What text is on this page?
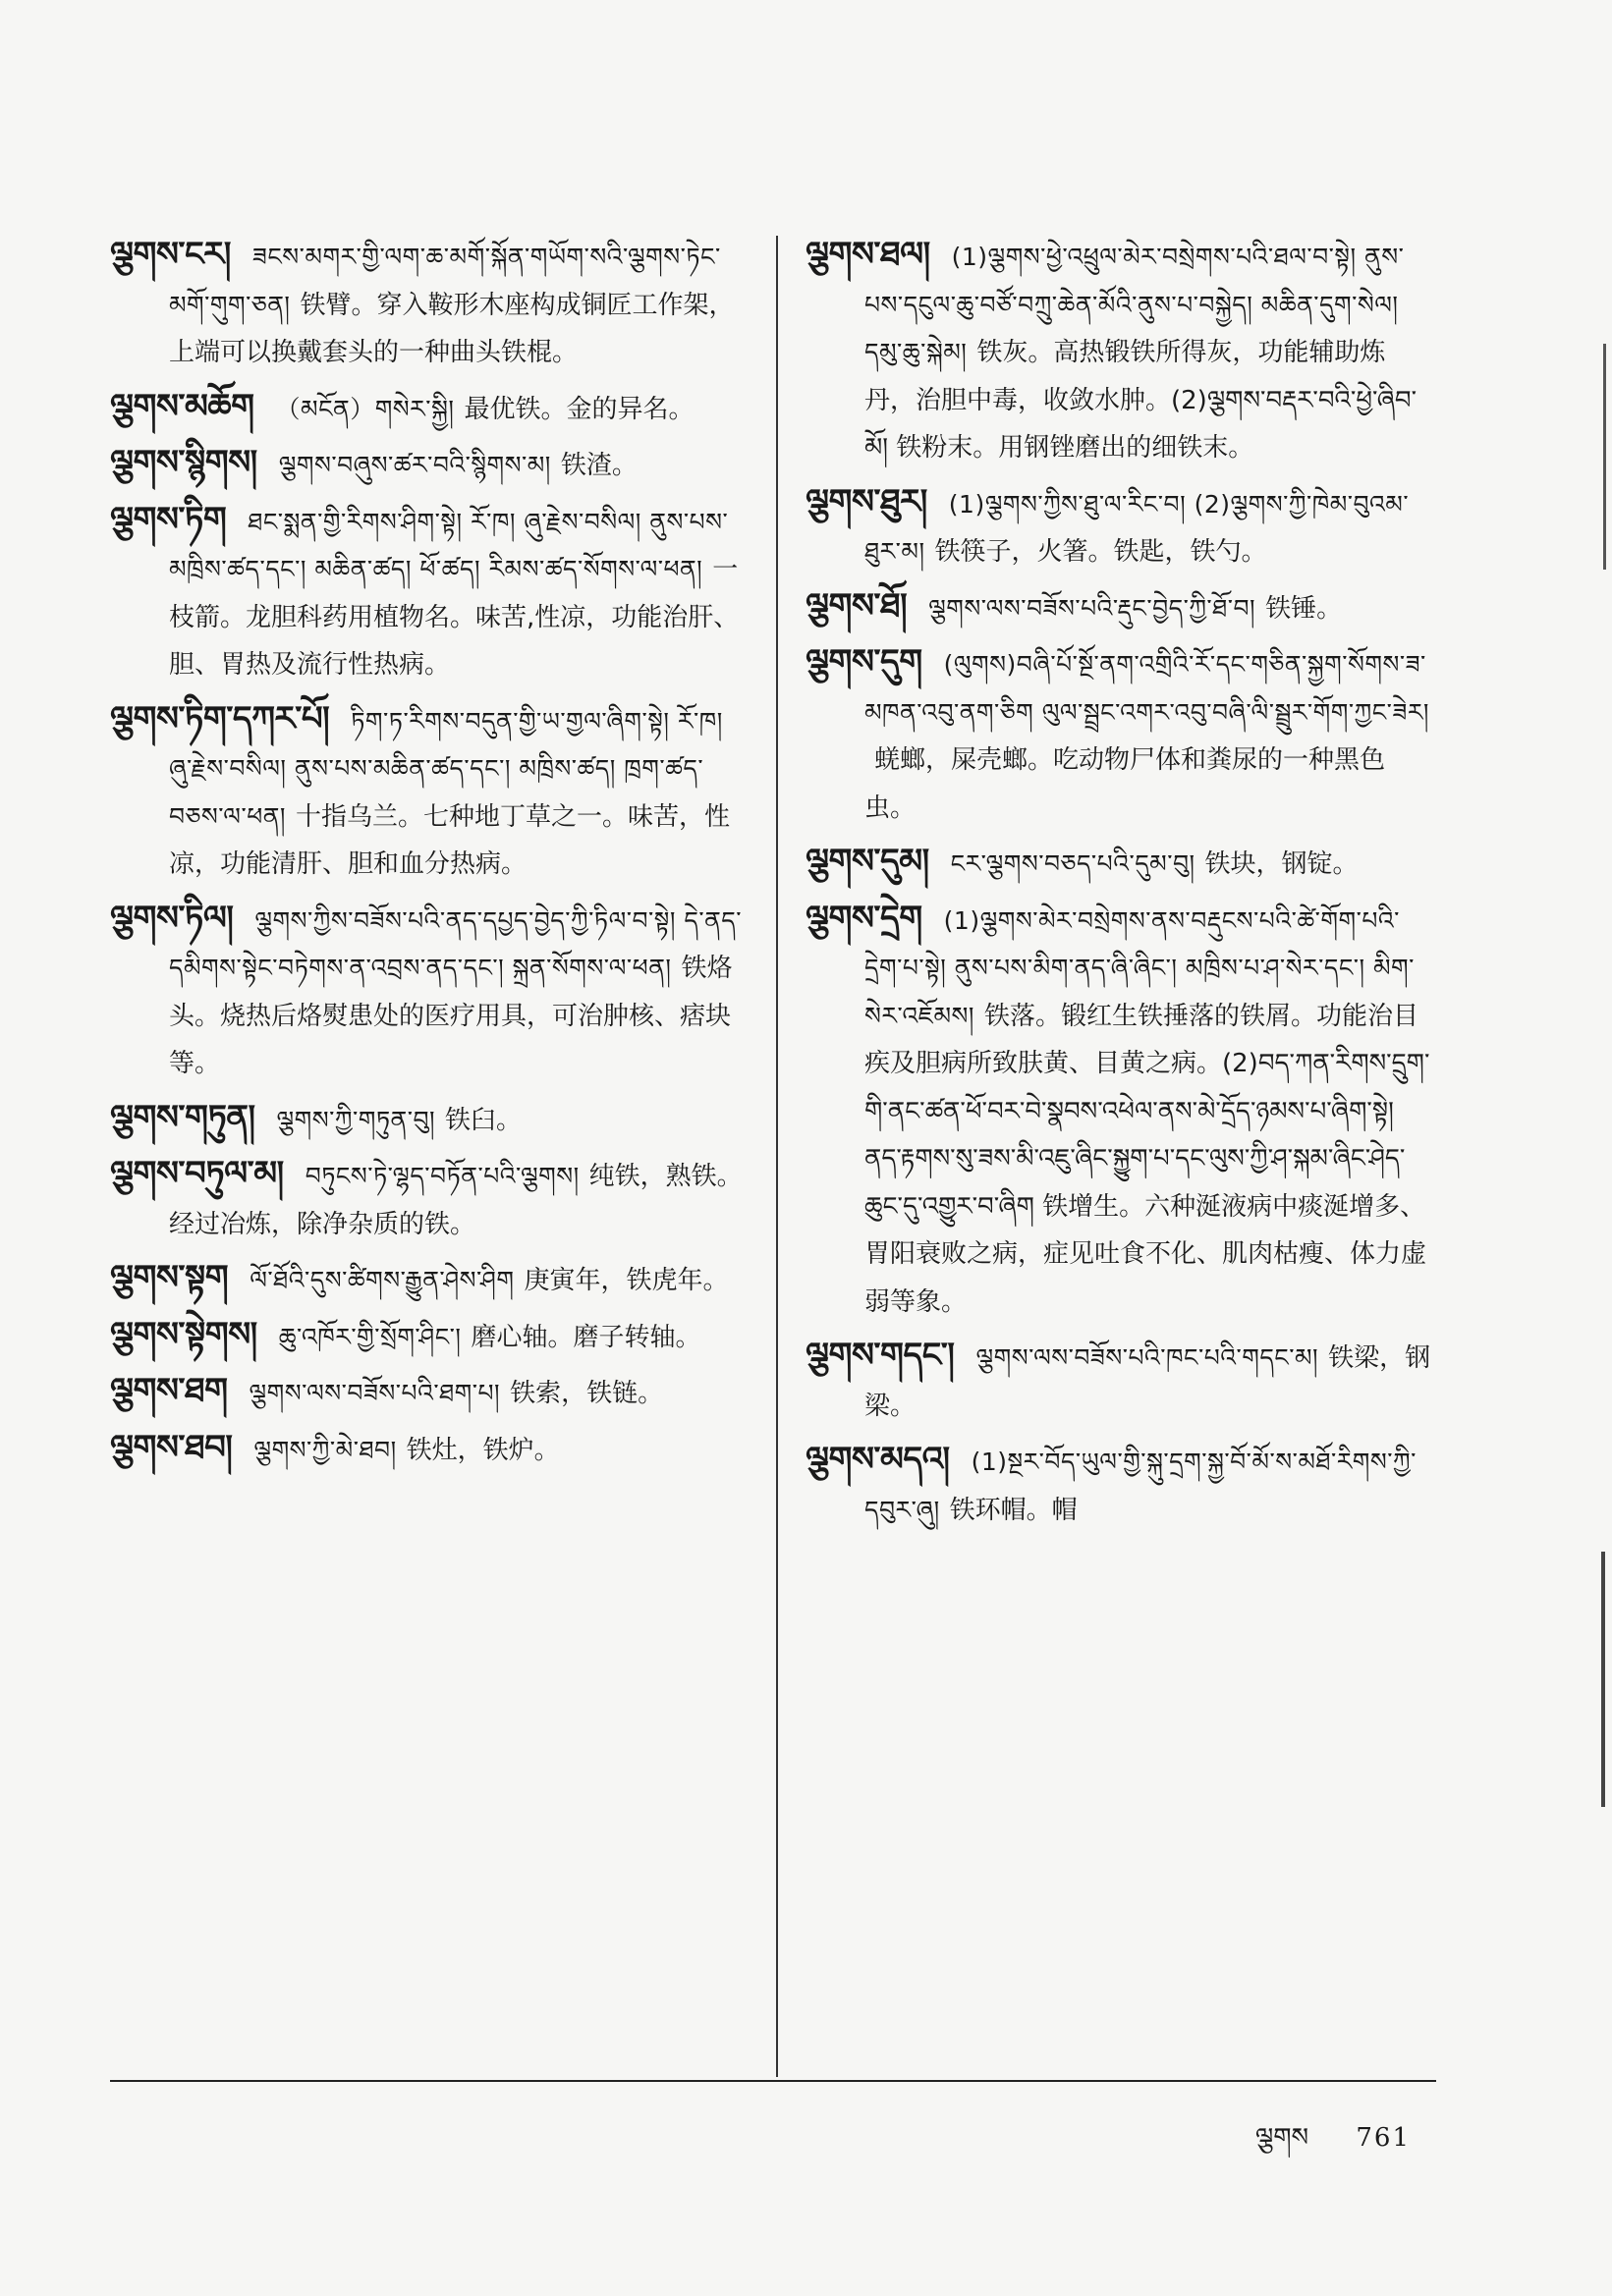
ལྕགས་ངར། ཟངས་མགར་གྱི་ལག་ཆ་མགོ་སྐོན་གཡོག་སའི་ལྕགས་ཏེང་མགོ་གུག་ཅན། 铁臂。穿入鞍形木座构成铜匠工作架，上端可以换戴套头的一种曲头铁棍。
ལྕགས་མཆོག （མངོན）གསེར་སྐྱི། 最优铁。金的异名。
ལྕགས་སྙིགས། ལྕགས་བཞུས་ཚར་བའི་སྙིགས་མ། 铁渣。
ལྕགས་ཏིག ཐང་སྨན་གྱི་རིགས་ཤིག་སྟེ། རོ་ཁ། ཞུ་རྗེས་བསིལ། ནུས་པས་མཁྲིས་ཚད་དང་། མཆིན་ཚད། ཕོ་ཚད། རིམས་ཚད་སོགས་ལ་ཕན། 一枝箭。龙胆科药用植物名。味苦,性凉，功能治肝、胆、胃热及流行性热病。
ལྕགས་ཏིག་དཀར་པོ། ཏིག་ཏ་རིགས་བདུན་གྱི་ཡ་གྱལ་ཞིག་སྟེ། རོ་ཁ། ཞུ་རྗེས་བསིལ། ནུས་པས་མཆིན་ཚད་དང་། མཁྲིས་ཚད། ཁྲག་ཚད་བཅས་ལ་ཕན། 十指乌兰。七种地丁草之一。味苦，性凉，功能清肝、胆和血分热病。
ལྕགས་ཏིལ། ལྕགས་ཀྱིས་བཟོས་པའི་ནད་དཔྱད་བྱེད་ཀྱི་ཏིལ་བ་སྟེ། དེ་ནད་དམིགས་སྟེང་བཏེགས་ན་འབྲས་ནད་དང་། སྐྲན་སོགས་ལ་ཕན། 铁烙头。烧热后烙熨患处的医疗用具，可治肿核、痞块等。
ལྕགས་གཏུན། ལྕགས་ཀྱི་གཏུན་བུ། 铁臼。
ལྕགས་བཏུལ་མ། བཏུངས་ཏེ་ལྷད་བཏོན་པའི་ལྕགས། 纯铁，熟铁。经过冶炼，除净杂质的铁。
ལྕགས་སྟག ལོ་ཐོའི་དུས་ཚིགས་རྒྱུན་ཤེས་ཤིག 庚寅年，铁虎年。
ལྕགས་སྟེགས། ཆུ་འཁོར་གྱི་སྲོག་ཤིང་། 磨心轴。磨子转轴。
ལྕགས་ཐག ལྕགས་ལས་བཟོས་པའི་ཐག་པ། 铁索，铁链。
ལྕགས་ཐབ། ལྕགས་ཀྱི་མེ་ཐབ། 铁灶，铁炉。
ལྕགས་ཐལ། (1)ལྕགས་ཕྱེ་འཕྲུལ་མེར་བསྲེགས་པའི་ཐལ་བ་སྟེ། ནུས་པས་དངུལ་ཆུ་བཙོ་བཀྲུ་ཆེན་མོའི་ནུས་པ་བསྐྱེད། མཆིན་དུག་སེལ། དམུ་ཆུ་སྐེམ། 铁灰。高热锻铁所得灰，功能辅助炼丹，治胆中毒，收敛水肿。(2)ལྕགས་བརྡར་བའི་ཕྱེ་ཞིབ་མོ། 铁粉末。用钢锉磨出的细铁末。
ལྕགས་ཐུར། (1)ལྕགས་ཀྱིས་ཐུ་ལ་རིང་བ། (2)ལྕགས་ཀྱི་ཁེམ་བུའམ་ཐུར་མ། 铁筷子，火箸。铁匙，铁勺。
ལྕགས་ཐོ། ལྕགས་ལས་བཟོས་པའི་རྡུང་བྱེད་ཀྱི་ཐོ་བ། 铁锤。
ལྕགས་དུག (ལུགས)བཞི་པོ་སྔོ་ནག་འགྲིའི་རོ་དང་གཅིན་སྐྱག་སོགས་ཟ་མཁན་འབུ་ནག་ཅིག ལུལ་སྦྲང་འགར་འབུ་བཞི་ལི་སྦྲུར་གོག་ཀྱང་ཟེར།蜣螂，屎壳螂。吃动物尸体和粪尿的一种黑色虫。
ལྕགས་དུམ། ངར་ལྕགས་བཅད་པའི་དུམ་བུ། 铁块，钢锭。
ལྕགས་དྲེག (1)ལྕགས་མེར་བསྲེགས་ནས་བརྡུངས་པའི་ཚེ་གོག་པའི་དྲེག་པ་སྟེ། ནུས་པས་མིག་ནད་ཞི་ཞིང་། མཁྲིས་པ་ཤ་སེར་དང་། མིག་སེར་འཇོམས། 铁落。锻红生铁捶落的铁屑。功能治目疾及胆病所致肤黄、目黄之病。(2)བད་ཀན་རིགས་དྲུག་གི་ནང་ཚན་ཕོ་བར་བེ་སྣབས་འཕེལ་ནས་མེ་དྲོད་ཉམས་པ་ཞིག་སྟེ། ནད་རྟགས་སུ་ཟས་མི་འཇུ་ཞིང་སྐྱུག་པ་དང་ལུས་ཀྱི་ཤ་སྐམ་ཞིང་ཤེད་ཆུང་དུ་འགྱུར་བ་ཞིག 铁增生。六种涎液病中痰涎增多、胃阳衰败之病，症见吐食不化、肌肉枯瘦、体力虚弱等象。
ལྕགས་གདང་། ལྕགས་ལས་བཟོས་པའི་ཁང་པའི་གདང་མ། 铁梁，钢梁。
ལྕགས་མདའ། (1)སྔར་བོད་ཡུལ་གྱི་སྐུ་དྲག་སྐྱ་བོ་མོ་ས་མཐོ་རིགས་ཀྱི་དབུར་ཞུ། 铁环帽。帽
ལྕགས 761
